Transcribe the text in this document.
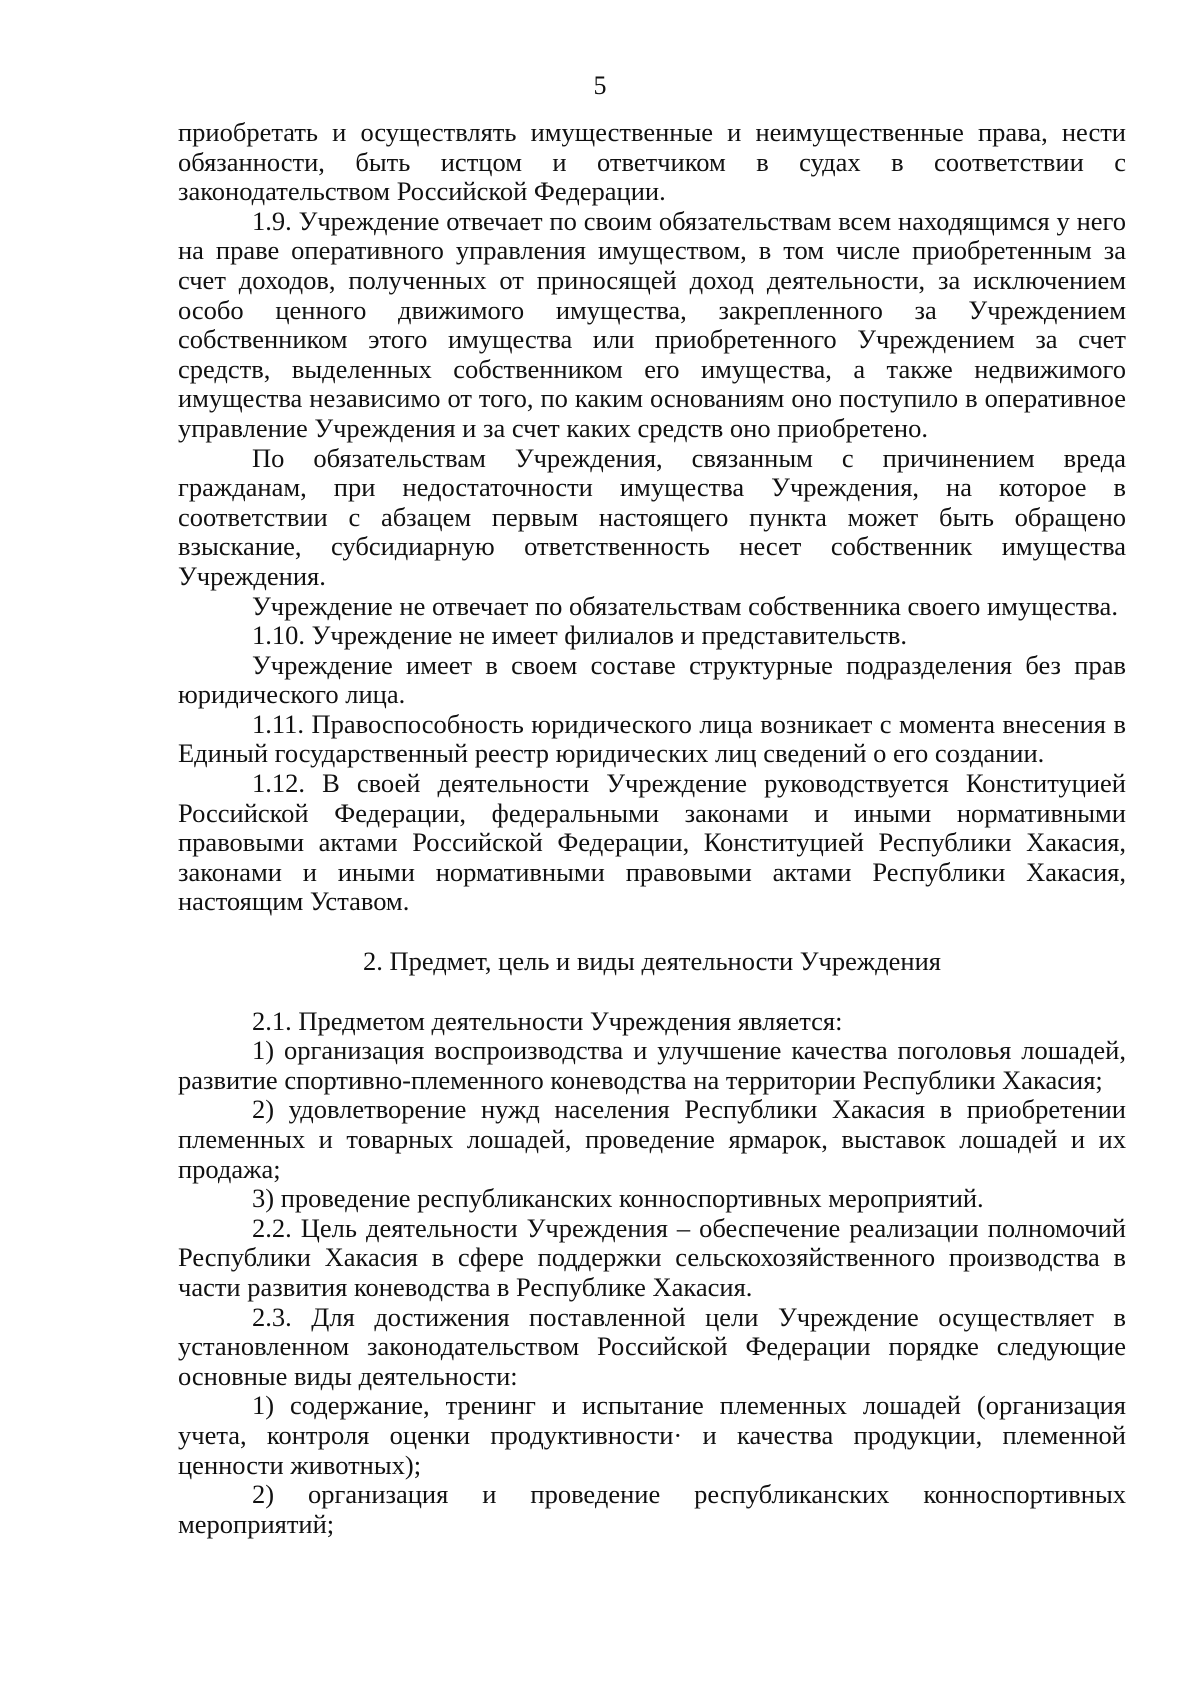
5

приобретать и осуществлять имущественные и неимущественные права, нести обязанности, быть истцом и ответчиком в судах в соответствии с законодательством Российской Федерации.

1.9. Учреждение отвечает по своим обязательствам всем находящимся у него на праве оперативного управления имуществом, в том числе приобретенным за счет доходов, полученных от приносящей доход деятельности, за исключением особо ценного движимого имущества, закрепленного за Учреждением собственником этого имущества или приобретенного Учреждением за счет средств, выделенных собственником его имущества, а также недвижимого имущества независимо от того, по каким основаниям оно поступило в оперативное управление Учреждения и за счет каких средств оно приобретено.

По обязательствам Учреждения, связанным с причинением вреда гражданам, при недостаточности имущества Учреждения, на которое в соответствии с абзацем первым настоящего пункта может быть обращено взыскание, субсидиарную ответственность несет собственник имущества Учреждения.

Учреждение не отвечает по обязательствам собственника своего имущества.

1.10. Учреждение не имеет филиалов и представительств.

Учреждение имеет в своем составе структурные подразделения без прав юридического лица.

1.11. Правоспособность юридического лица возникает с момента внесения в Единый государственный реестр юридических лиц сведений о его создании.

1.12. В своей деятельности Учреждение руководствуется Конституцией Российской Федерации, федеральными законами и иными нормативными правовыми актами Российской Федерации, Конституцией Республики Хакасия, законами и иными нормативными правовыми актами Республики Хакасия, настоящим Уставом.

2. Предмет, цель и виды деятельности Учреждения

2.1. Предметом деятельности Учреждения является:

1) организация воспроизводства и улучшение качества поголовья лошадей, развитие спортивно-племенного коневодства на территории Республики Хакасия;

2) удовлетворение нужд населения Республики Хакасия в приобретении племенных и товарных лошадей, проведение ярмарок, выставок лошадей и их продажа;

3) проведение республиканских конноспортивных мероприятий.

2.2. Цель деятельности Учреждения – обеспечение реализации полномочий Республики Хакасия в сфере поддержки сельскохозяйственного производства в части развития коневодства в Республике Хакасия.

2.3. Для достижения поставленной цели Учреждение осуществляет в установленном законодательством Российской Федерации порядке следующие основные виды деятельности:

1) содержание, тренинг и испытание племенных лошадей (организация учета, контроля оценки продуктивности· и качества продукции, племенной ценности животных);

2) организация и проведение республиканских конноспортивных мероприятий;
